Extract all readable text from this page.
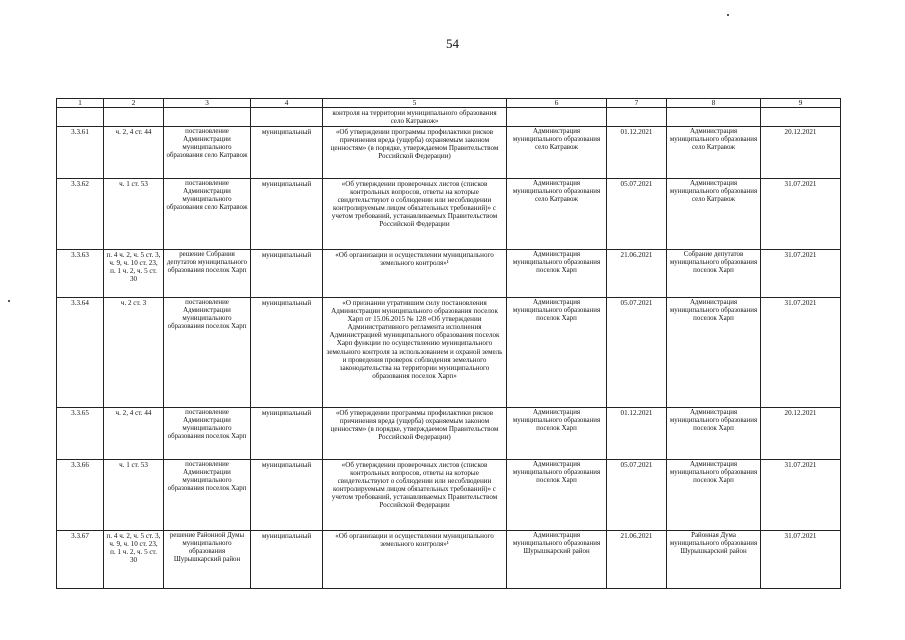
54
1	2	3	4	5	6	7	8	9
				контроля на территории муниципального образования село Катравож»				
3.3.61	ч. 2, 4 ст. 44	постановление Администрации муниципального образования село Катравож	муниципальный	«Об утверждении программы профилактики рисков причинения вреда (ущерба) охраняемым законом ценностям» (в порядке, утверждаемом Правительством Российской Федерации)	Администрация муниципального образования село Катравож	01.12.2021	Администрация муниципального образования село Катравож	20.12.2021
3.3.62	ч. 1 ст. 53	постановление Администрации муниципального образования село Катравож	муниципальный	«Об утверждении проверочных листов (списков контрольных вопросов, ответы на которые свидетельствуют о соблюдении или несоблюдении контролируемым лицом обязательных требований)» с учетом требований, устанавливаемых Правительством Российской Федерации	Администрация муниципального образования село Катравож	05.07.2021	Администрация муниципального образования село Катравож	31.07.2021
3.3.63	п. 4 ч. 2, ч. 5 ст. 3, ч. 9, ч. 10 ст. 23, п. 1 ч. 2, ч. 5 ст. 30	решение Собрания депутатов муниципального образования поселок Харп	муниципальный	«Об организации и осуществлении муниципального земельного контроля»¹	Администрация муниципального образования поселок Харп	21.06.2021	Собрание депутатов муниципального образования поселок Харп	31.07.2021
3.3.64	ч. 2 ст. 3	постановление Администрации муниципального образования поселок Харп	муниципальный	«О признании утратившим силу постановления Администрации муниципального образования поселок Харп от 15.06.2015 № 128 «Об утверждении Административного регламента исполнения Администрацией муниципального образования поселок Харп функции по осуществлению муниципального земельного контроля за использованием и охраной земель и проведения проверок соблюдения земельного законодательства на территории муниципального образования поселок Харп»	Администрация муниципального образования поселок Харп	05.07.2021	Администрация муниципального образования поселок Харп	31.07.2021
3.3.65	ч. 2, 4 ст. 44	постановление Администрации муниципального образования поселок Харп	муниципальный	«Об утверждении программы профилактики рисков причинения вреда (ущерба) охраняемым законом ценностям» (в порядке, утверждаемом Правительством Российской Федерации)	Администрация муниципального образования поселок Харп	01.12.2021	Администрация муниципального образования поселок Харп	20.12.2021
3.3.66	ч. 1 ст. 53	постановление Администрации муниципального образования поселок Харп	муниципальный	«Об утверждении проверочных листов (списков контрольных вопросов, ответы на которые свидетельствуют о соблюдении или несоблюдении контролируемым лицом обязательных требований)» с учетом требований, устанавливаемых Правительством Российской Федерации	Администрация муниципального образования поселок Харп	05.07.2021	Администрация муниципального образования поселок Харп	31.07.2021
3.3.67	п. 4 ч. 2, ч. 5 ст. 3, ч. 9, ч. 10 ст. 23, п. 1 ч. 2, ч. 5 ст. 30	решение Районной Думы муниципального образования Шурышкарский район	муниципальный	«Об организации и осуществлении муниципального земельного контроля»¹	Администрация муниципального образования Шурышкарский район	21.06.2021	Районная Дума муниципального образования Шурышкарский район	31.07.2021
